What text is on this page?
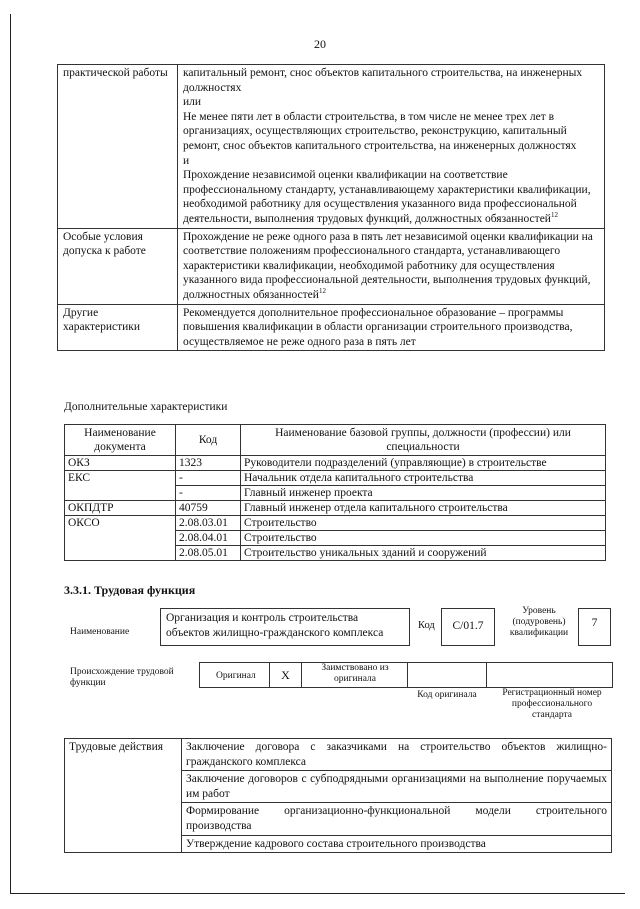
20
практической работы	капитальный ремонт, снос объектов капитального строительства, на инженерных должностях
или
Не менее пяти лет в области строительства, в том числе не менее трех лет в организациях, осуществляющих строительство, реконструкцию, капитальный ремонт, снос объектов капитального строительства, на инженерных должностях
и
Прохождение независимой оценки квалификации на соответствие профессиональному стандарту, устанавливающему характеристики квалификации, необходимой работнику для осуществления указанного вида профессиональной деятельности, выполнения трудовых функций, должностных обязанностей$^{12}$

Особые условия допуска к работе	Прохождение не реже одного раза в пять лет независимой оценки квалификации на соответствие положениям профессионального стандарта, устанавливающего характеристики квалификации, необходимой работнику для осуществления указанного вида профессиональной деятельности, выполнения трудовых функций, должностных обязанностей$^{12}$

Другие характеристики	Рекомендуется дополнительное профессиональное образование – программы повышения квалификации в области организации строительного производства, осуществляемое не реже одного раза в пять лет
Дополнительные характеристики
Наименование документа	Код	Наименование базовой группы, должности (профессии) или специальности
ОКЗ	1323	Руководители подразделений (управляющие) в строительстве
ЕКС	-	Начальник отдела капитального строительства
	-	Главный инженер проекта
ОКПДТР	40759	Главный инженер отдела капитального строительства
ОКСО	2.08.03.01	Строительство
	2.08.04.01	Строительство
	2.08.05.01	Строительство уникальных зданий и сооружений
3.3.1. Трудовая функция
Наименование
Организация и контроль строительства объектов жилищно-гражданского комплекса
Код	C/01.7
Уровень (подуровень) квалификации
7
Происхождение трудовой функции
Оригинал	X	Заимствовано из оригинала
Код оригинала	Регистрационный номер профессионального стандарта
Трудовые действия	Заключение договора с заказчиками на строительство объектов жилищно-гражданского комплекса
Заключение договоров с субподрядными организациями на выполнение поручаемых им работ
Формирование организационно-функциональной модели строительного производства
Утверждение кадрового состава строительного производства
